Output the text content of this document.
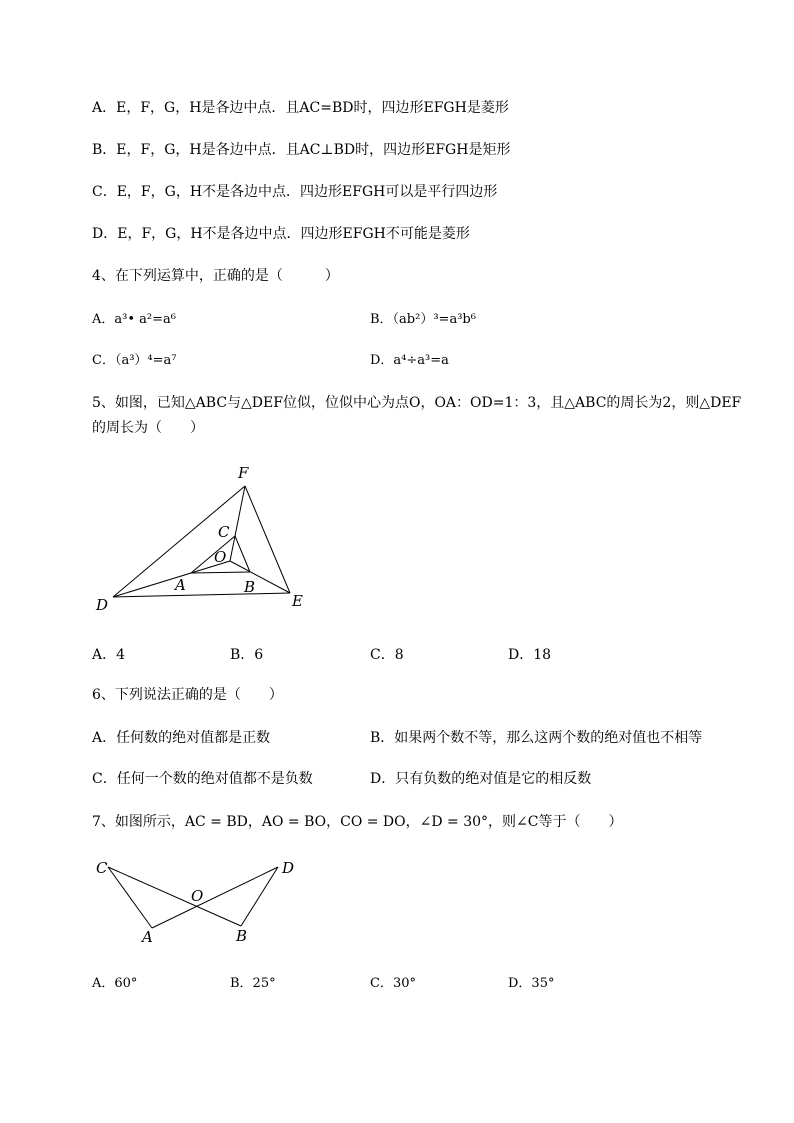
A．E，F，G，H是各边中点．且AC=BD时，四边形EFGH是菱形
B．E，F，G，H是各边中点．且AC⊥BD时，四边形EFGH是矩形
C．E，F，G，H不是各边中点．四边形EFGH可以是平行四边形
D．E，F，G，H不是各边中点．四边形EFGH不可能是菱形
4、在下列运算中，正确的是（　　　）
A．a³• a²=a⁶	B．（ab²）³=a³b⁶
C．（a³）⁴=a⁷	D．a⁴÷a³=a
5、如图，已知△ABC与△DEF位似，位似中心为点O，OA：OD=1：3，且△ABC的周长为2，则△DEF
的周长为（　　）
F
C
O
A	B
D	E
A．4	B．6	C．8	D．18
6、下列说法正确的是（　　）
A．任何数的绝对值都是正数	B．如果两个数不等，那么这两个数的绝对值也不相等
C．任何一个数的绝对值都不是负数	D．只有负数的绝对值是它的相反数
7、如图所示，AC = BD，AO = BO，CO = DO，∠D = 30°，则∠C等于（　　）
C	D
O
A	B
A．60°	B．25°	C．30°	D．35°
